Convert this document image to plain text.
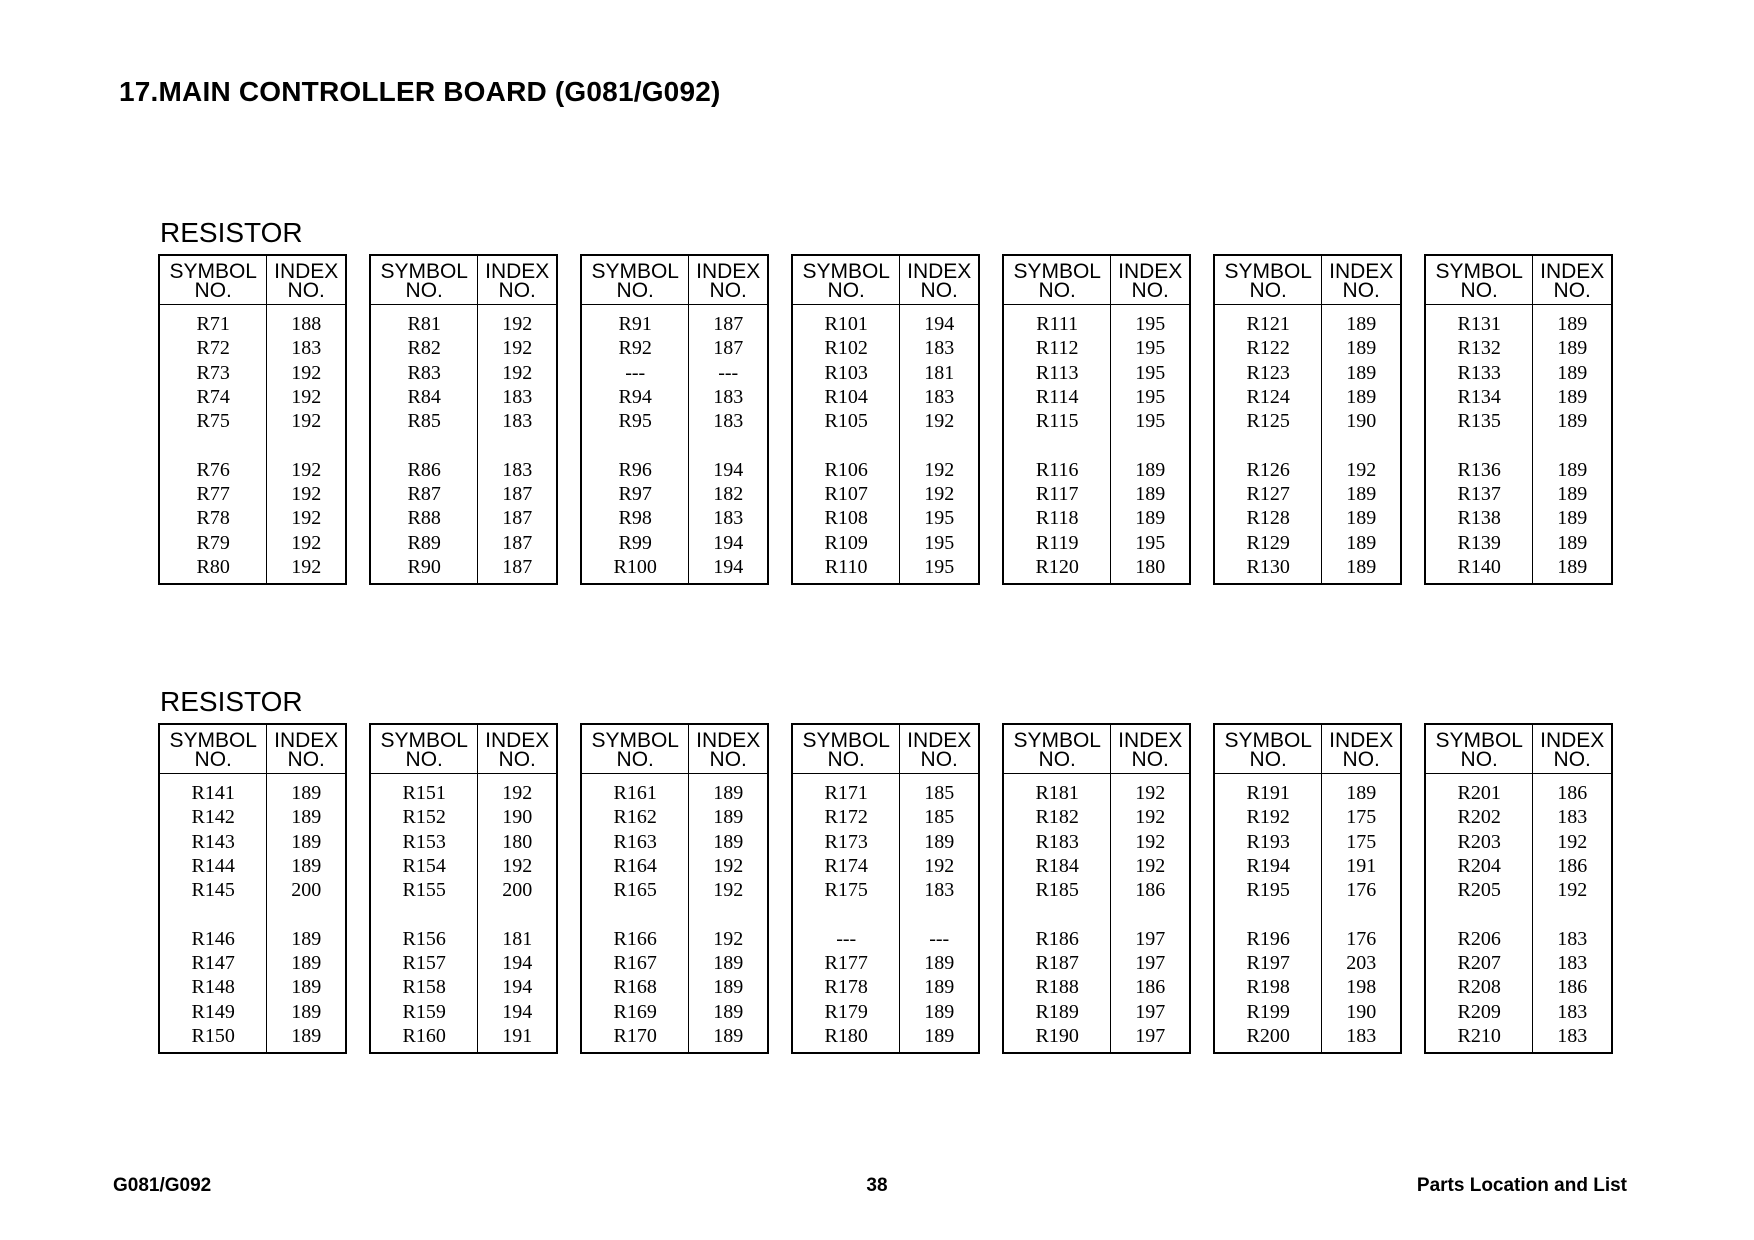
17.MAIN CONTROLLER BOARD (G081/G092)
RESISTOR
SYMBOL
NO.	INDEX
NO.

R71	188
R72	183
R73	192
R74	192
R75	192

R76	192
R77	192
R78	192
R79	192
R80	192
SYMBOL
NO.	INDEX
NO.

R81	192
R82	192
R83	192
R84	183
R85	183

R86	183
R87	187
R88	187
R89	187
R90	187
SYMBOL
NO.	INDEX
NO.

R91	187
R92	187
---	---
R94	183
R95	183

R96	194
R97	182
R98	183
R99	194
R100	194
SYMBOL
NO.	INDEX
NO.

R101	194
R102	183
R103	181
R104	183
R105	192

R106	192
R107	192
R108	195
R109	195
R110	195
SYMBOL
NO.	INDEX
NO.

R111	195
R112	195
R113	195
R114	195
R115	195

R116	189
R117	189
R118	189
R119	195
R120	180
SYMBOL
NO.	INDEX
NO.

R121	189
R122	189
R123	189
R124	189
R125	190

R126	192
R127	189
R128	189
R129	189
R130	189
SYMBOL
NO.	INDEX
NO.

R131	189
R132	189
R133	189
R134	189
R135	189

R136	189
R137	189
R138	189
R139	189
R140	189
RESISTOR
SYMBOL
NO.	INDEX
NO.

R141	189
R142	189
R143	189
R144	189
R145	200

R146	189
R147	189
R148	189
R149	189
R150	189
SYMBOL
NO.	INDEX
NO.

R151	192
R152	190
R153	180
R154	192
R155	200

R156	181
R157	194
R158	194
R159	194
R160	191
SYMBOL
NO.	INDEX
NO.

R161	189
R162	189
R163	189
R164	192
R165	192

R166	192
R167	189
R168	189
R169	189
R170	189
SYMBOL
NO.	INDEX
NO.

R171	185
R172	185
R173	189
R174	192
R175	183

---	---
R177	189
R178	189
R179	189
R180	189
SYMBOL
NO.	INDEX
NO.

R181	192
R182	192
R183	192
R184	192
R185	186

R186	197
R187	197
R188	186
R189	197
R190	197
SYMBOL
NO.	INDEX
NO.

R191	189
R192	175
R193	175
R194	191
R195	176

R196	176
R197	203
R198	198
R199	190
R200	183
SYMBOL
NO.	INDEX
NO.

R201	186
R202	183
R203	192
R204	186
R205	192

R206	183
R207	183
R208	186
R209	183
R210	183
G081/G092	38	Parts Location and List
